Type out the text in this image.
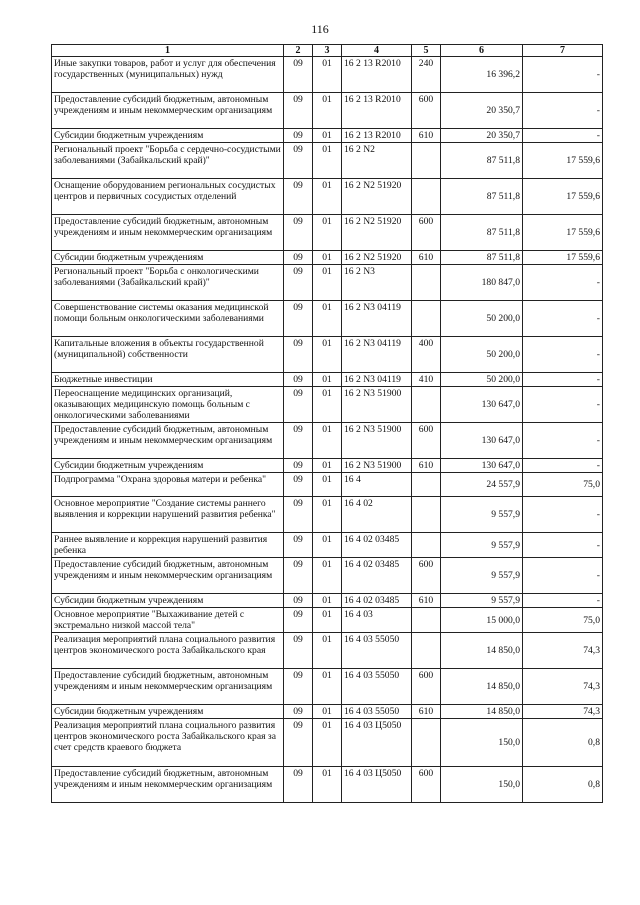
116
1	2	3	4	5	6	7
Иные закупки товаров, работ и услуг для обеспечения государственных (муниципальных) нужд	09	01	16 2 13 R2010	240	16 396,2	-
Предоставление субсидий бюджетным, автономным учреждениям и иным некоммерческим организациям	09	01	16 2 13 R2010	600	20 350,7	-
Субсидии бюджетным учреждениям	09	01	16 2 13 R2010	610	20 350,7	-
Региональный проект "Борьба с сердечно-сосудистыми заболеваниями (Забайкальский край)"	09	01	16 2 N2		87 511,8	17 559,6
Оснащение оборудованием региональных сосудистых центров и первичных сосудистых отделений	09	01	16 2 N2 51920		87 511,8	17 559,6
Предоставление субсидий бюджетным, автономным учреждениям и иным некоммерческим организациям	09	01	16 2 N2 51920	600	87 511,8	17 559,6
Субсидии бюджетным учреждениям	09	01	16 2 N2 51920	610	87 511,8	17 559,6
Региональный проект "Борьба с онкологическими заболеваниями (Забайкальский край)"	09	01	16 2 N3		180 847,0	-
Совершенствование системы оказания медицинской помощи больным онкологическими заболеваниями	09	01	16 2 N3 04119		50 200,0	-
Капитальные вложения в объекты государственной (муниципальной) собственности	09	01	16 2 N3 04119	400	50 200,0	-
Бюджетные инвестиции	09	01	16 2 N3 04119	410	50 200,0	-
Переоснащение медицинских организаций, оказывающих медицинскую помощь больным с онкологическими заболеваниями	09	01	16 2 N3 51900		130 647,0	-
Предоставление субсидий бюджетным, автономным учреждениям и иным некоммерческим организациям	09	01	16 2 N3 51900	600	130 647,0	-
Субсидии бюджетным учреждениям	09	01	16 2 N3 51900	610	130 647,0	-
Подпрограмма "Охрана здоровья матери и ребенка"	09	01	16 4		24 557,9	75,0
Основное мероприятие "Создание системы раннего выявления и коррекции нарушений развития ребенка"	09	01	16 4 02		9 557,9	-
Раннее выявление и коррекция нарушений развития ребенка	09	01	16 4 02 03485		9 557,9	-
Предоставление субсидий бюджетным, автономным учреждениям и иным некоммерческим организациям	09	01	16 4 02 03485	600	9 557,9	-
Субсидии бюджетным учреждениям	09	01	16 4 02 03485	610	9 557,9	-
Основное мероприятие "Выхаживание детей с экстремально низкой массой тела"	09	01	16 4 03		15 000,0	75,0
Реализация мероприятий плана социального развития центров экономического роста Забайкальского края	09	01	16 4 03 55050		14 850,0	74,3
Предоставление субсидий бюджетным, автономным учреждениям и иным некоммерческим организациям	09	01	16 4 03 55050	600	14 850,0	74,3
Субсидии бюджетным учреждениям	09	01	16 4 03 55050	610	14 850,0	74,3
Реализация мероприятий плана социального развития центров экономического роста Забайкальского края за счет средств краевого бюджета	09	01	16 4 03 Ц5050		150,0	0,8
Предоставление субсидий бюджетным, автономным учреждениям и иным некоммерческим организациям	09	01	16 4 03 Ц5050	600	150,0	0,8
